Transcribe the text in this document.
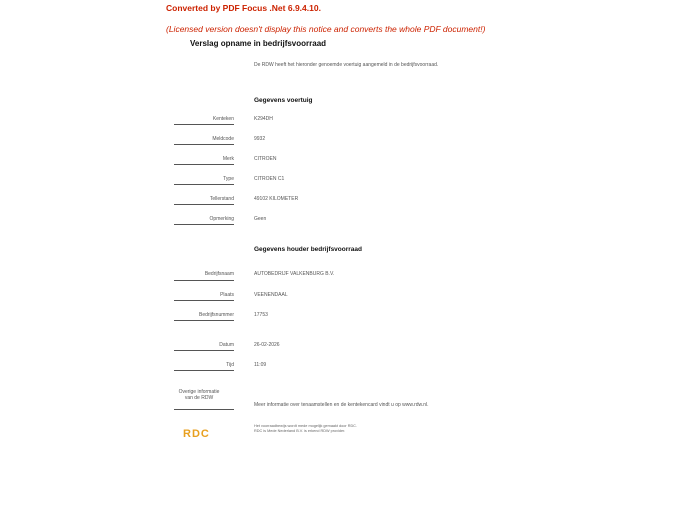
Converted by PDF Focus .Net 6.9.4.10.
(Licensed version doesn't display this notice and converts the whole PDF document!)
Verslag opname in bedrijfsvoorraad
De RDW heeft het hieronder genoemde voertuig aangemeld in de bedrijfsvoorraad.
Gegevens voertuig
Kenteken	K294DH
Meldcode	9932
Merk	CITROEN
Type	CITROEN C1
Tellerstand	49102 KILOMETER
Opmerking	Geen
Gegevens houder bedrijfsvoorraad
Bedrijfsnaam	AUTOBEDRIJF VALKENBURG B.V.
Plaats	VEENENDAAL
Bedrijfsnummer	17753
Datum	26-02-2026
Tijd	11:09
Overige informatie van de RDW
Meer informatie over tenaamstellen en de kentekencard vindt u op www.rdw.nl.
RDC
Het voorraadbewijs wordt mede mogelijk gemaakt door RDC.
RDC is Mede Nederland B.V. is erkend RDW provider.
